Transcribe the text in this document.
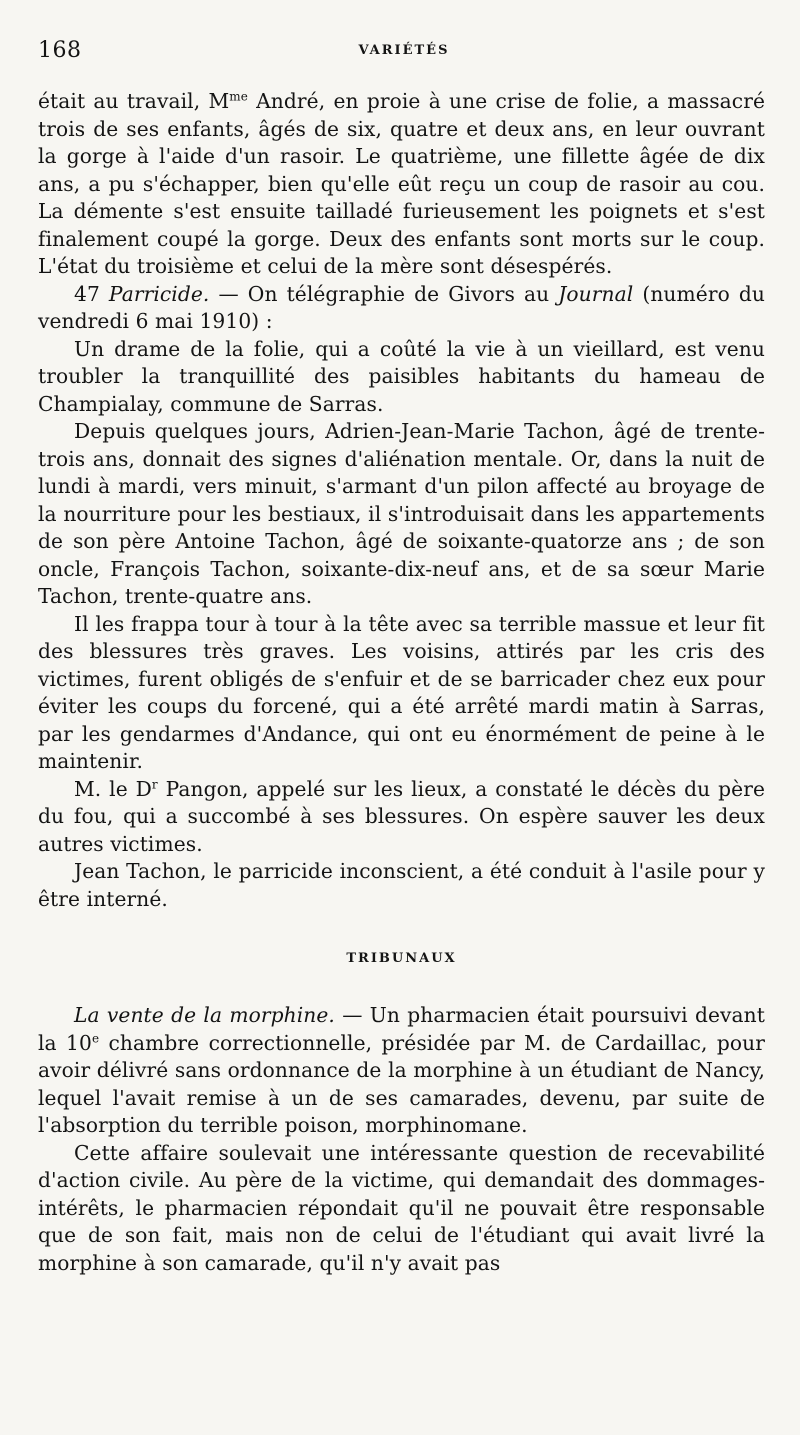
168	VARIÉTÉS

était au travail, $M^{me}$ André, en proie à une crise de folie, a massacré trois de ses enfants, âgés de six, quatre et deux ans, en leur ouvrant la gorge à l'aide d'un rasoir. Le quatrième, une fillette âgée de dix ans, a pu s'échapper, bien qu'elle eût reçu un coup de rasoir au cou. La démente s'est ensuite tailladé furieusement les poignets et s'est finalement coupé la gorge. Deux des enfants sont morts sur le coup. L'état du troisième et celui de la mère sont désespérés.

47 Parricide. — On télégraphie de Givors au Journal (numéro du vendredi 6 mai 1910) :

Un drame de la folie, qui a coûté la vie à un vieillard, est venu troubler la tranquillité des paisibles habitants du hameau de Champialay, commune de Sarras.

Depuis quelques jours, Adrien-Jean-Marie Tachon, âgé de trente-trois ans, donnait des signes d'aliénation mentale. Or, dans la nuit de lundi à mardi, vers minuit, s'armant d'un pilon affecté au broyage de la nourriture pour les bestiaux, il s'introduisait dans les appartements de son père Antoine Tachon, âgé de soixante-quatorze ans ; de son oncle, François Tachon, soixante-dix-neuf ans, et de sa sœur Marie Tachon, trente-quatre ans.

Il les frappa tour à tour à la tête avec sa terrible massue et leur fit des blessures très graves. Les voisins, attirés par les cris des victimes, furent obligés de s'enfuir et de se barricader chez eux pour éviter les coups du forcené, qui a été arrêté mardi matin à Sarras, par les gendarmes d'Andance, qui ont eu énormément de peine à le maintenir.

M. le $D^r$ Pangon, appelé sur les lieux, a constaté le décès du père du fou, qui a succombé à ses blessures. On espère sauver les deux autres victimes.

Jean Tachon, le parricide inconscient, a été conduit à l'asile pour y être interné.

TRIBUNAUX

La vente de la morphine. — Un pharmacien était poursuivi devant la 10e chambre correctionnelle, présidée par M. de Cardaillac, pour avoir délivré sans ordonnance de la morphine à un étudiant de Nancy, lequel l'avait remise à un de ses camarades, devenu, par suite de l'absorption du terrible poison, morphinomane.

Cette affaire soulevait une intéressante question de recevabilité d'action civile. Au père de la victime, qui demandait des dommages-intérêts, le pharmacien répondait qu'il ne pouvait être responsable que de son fait, mais non de celui de l'étudiant qui avait livré la morphine à son camarade, qu'il n'y avait pas
